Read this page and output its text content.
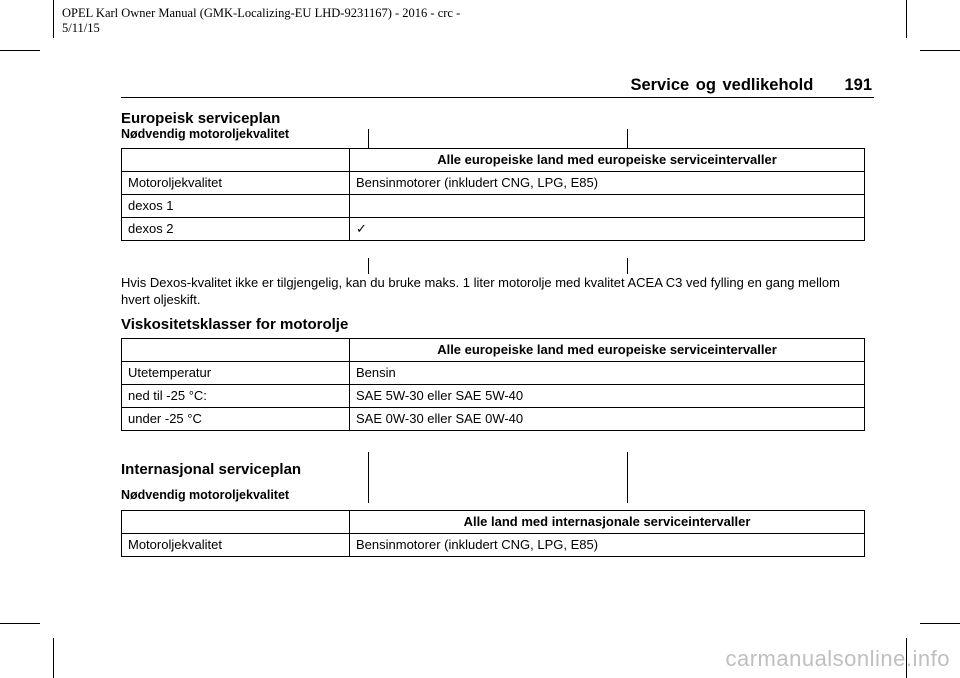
OPEL Karl Owner Manual (GMK-Localizing-EU LHD-9231167) - 2016 - crc -
5/11/15
Service og vedlikehold 191
Europeisk serviceplan
Nødvendig motoroljekvalitet
	Alle europeiske land med europeiske serviceintervaller
Motoroljekvalitet	Bensinmotorer (inkludert CNG, LPG, E85)
dexos 1	
dexos 2	✓
Hvis Dexos-kvalitet ikke er tilgjengelig, kan du bruke maks. 1 liter motorolje med kvalitet ACEA C3 ved fylling en gang mellom hvert oljeskift.
Viskositetsklasser for motorolje
	Alle europeiske land med europeiske serviceintervaller
Utetemperatur	Bensin
ned til -25 °C:	SAE 5W-30 eller SAE 5W-40
under -25 °C	SAE 0W-30 eller SAE 0W-40
Internasjonal serviceplan
Nødvendig motoroljekvalitet
	Alle land med internasjonale serviceintervaller
Motoroljekvalitet	Bensinmotorer (inkludert CNG, LPG, E85)
carmanualsonline.info
